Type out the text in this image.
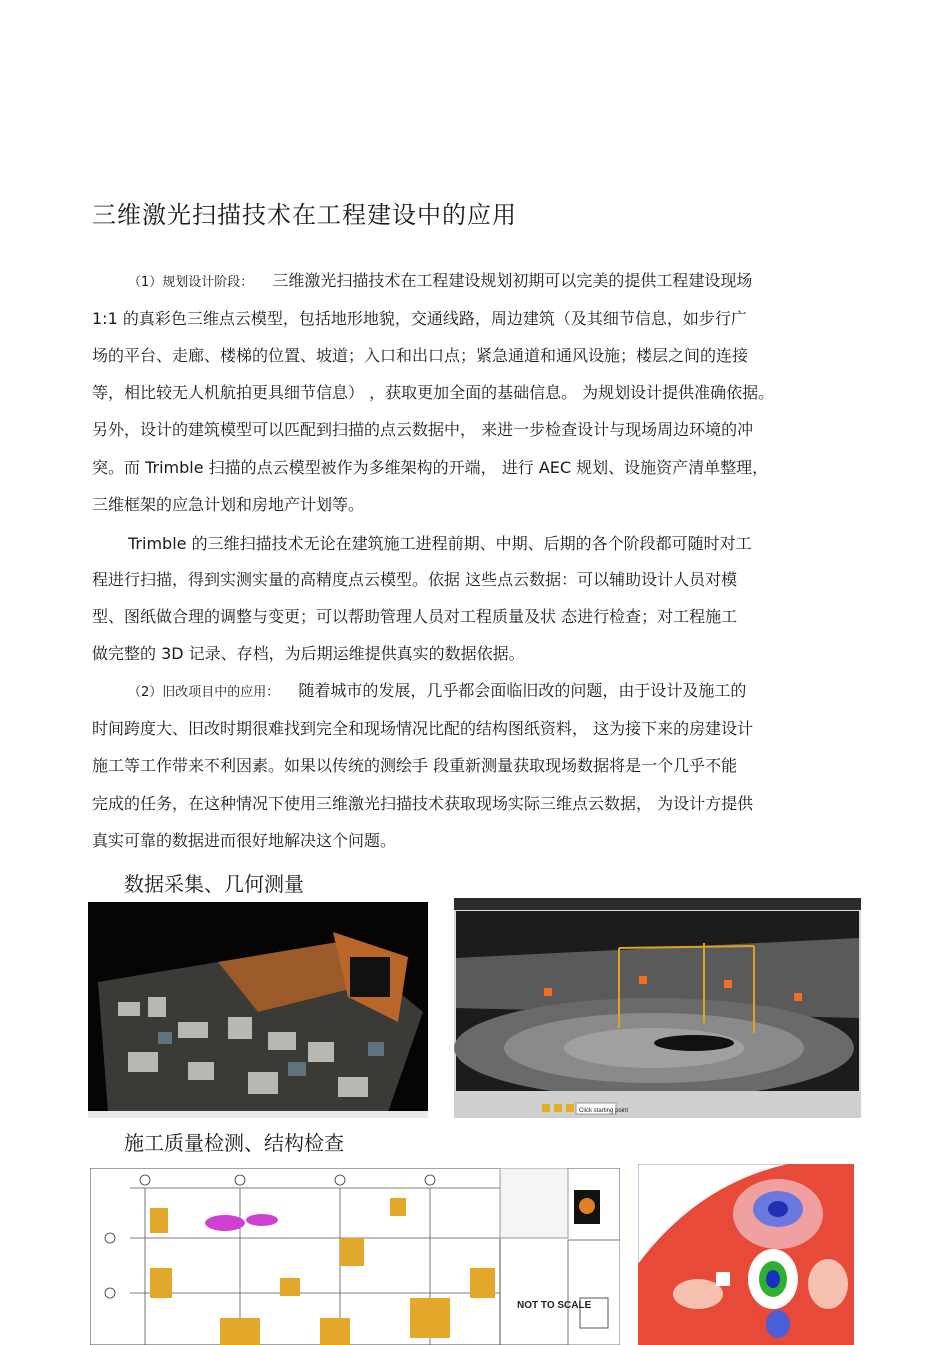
三维激光扫描技术在工程建设中的应用
（1）规划设计阶段： 三维激光扫描技术在工程建设规划初期可以完美的提供工程建设现场
1:1 的真彩色三维点云模型，包括地形地貌，交通线路，周边建筑（及其细节信息，如步行广
场的平台、走廊、楼梯的位置、坡道；入口和出口点；紧急通道和通风设施；楼层之间的连接
等，相比较无人机航拍更具细节信息） ，获取更加全面的基础信息。 为规划设计提供准确依据。
另外，设计的建筑模型可以匹配到扫描的点云数据中， 来进一步检查设计与现场周边环境的冲
突。而 Trimble 扫描的点云模型被作为多维架构的开端， 进行 AEC 规划、设施资产清单整理，
三维框架的应急计划和房地产计划等。
Trimble 的三维扫描技术无论在建筑施工进程前期、中期、后期的各个阶段都可随时对工
程进行扫描，得到实测实量的高精度点云模型。依据 这些点云数据：可以辅助设计人员对模
型、图纸做合理的调整与变更；可以帮助管理人员对工程质量及状 态进行检查；对工程施工
做完整的 3D 记录、存档，为后期运维提供真实的数据依据。
（2）旧改项目中的应用： 随着城市的发展，几乎都会面临旧改的问题，由于设计及施工的
时间跨度大、旧改时期很难找到完全和现场情况比配的结构图纸资料， 这为接下来的房建设计
施工等工作带来不利因素。如果以传统的测绘手 段重新测量获取现场数据将是一个几乎不能
完成的任务，在这种情况下使用三维激光扫描技术获取现场实际三维点云数据， 为设计方提供
真实可靠的数据进而很好地解决这个问题。
数据采集、几何测量
Click starting point
施工质量检测、结构检查
NOT TO SCALE
